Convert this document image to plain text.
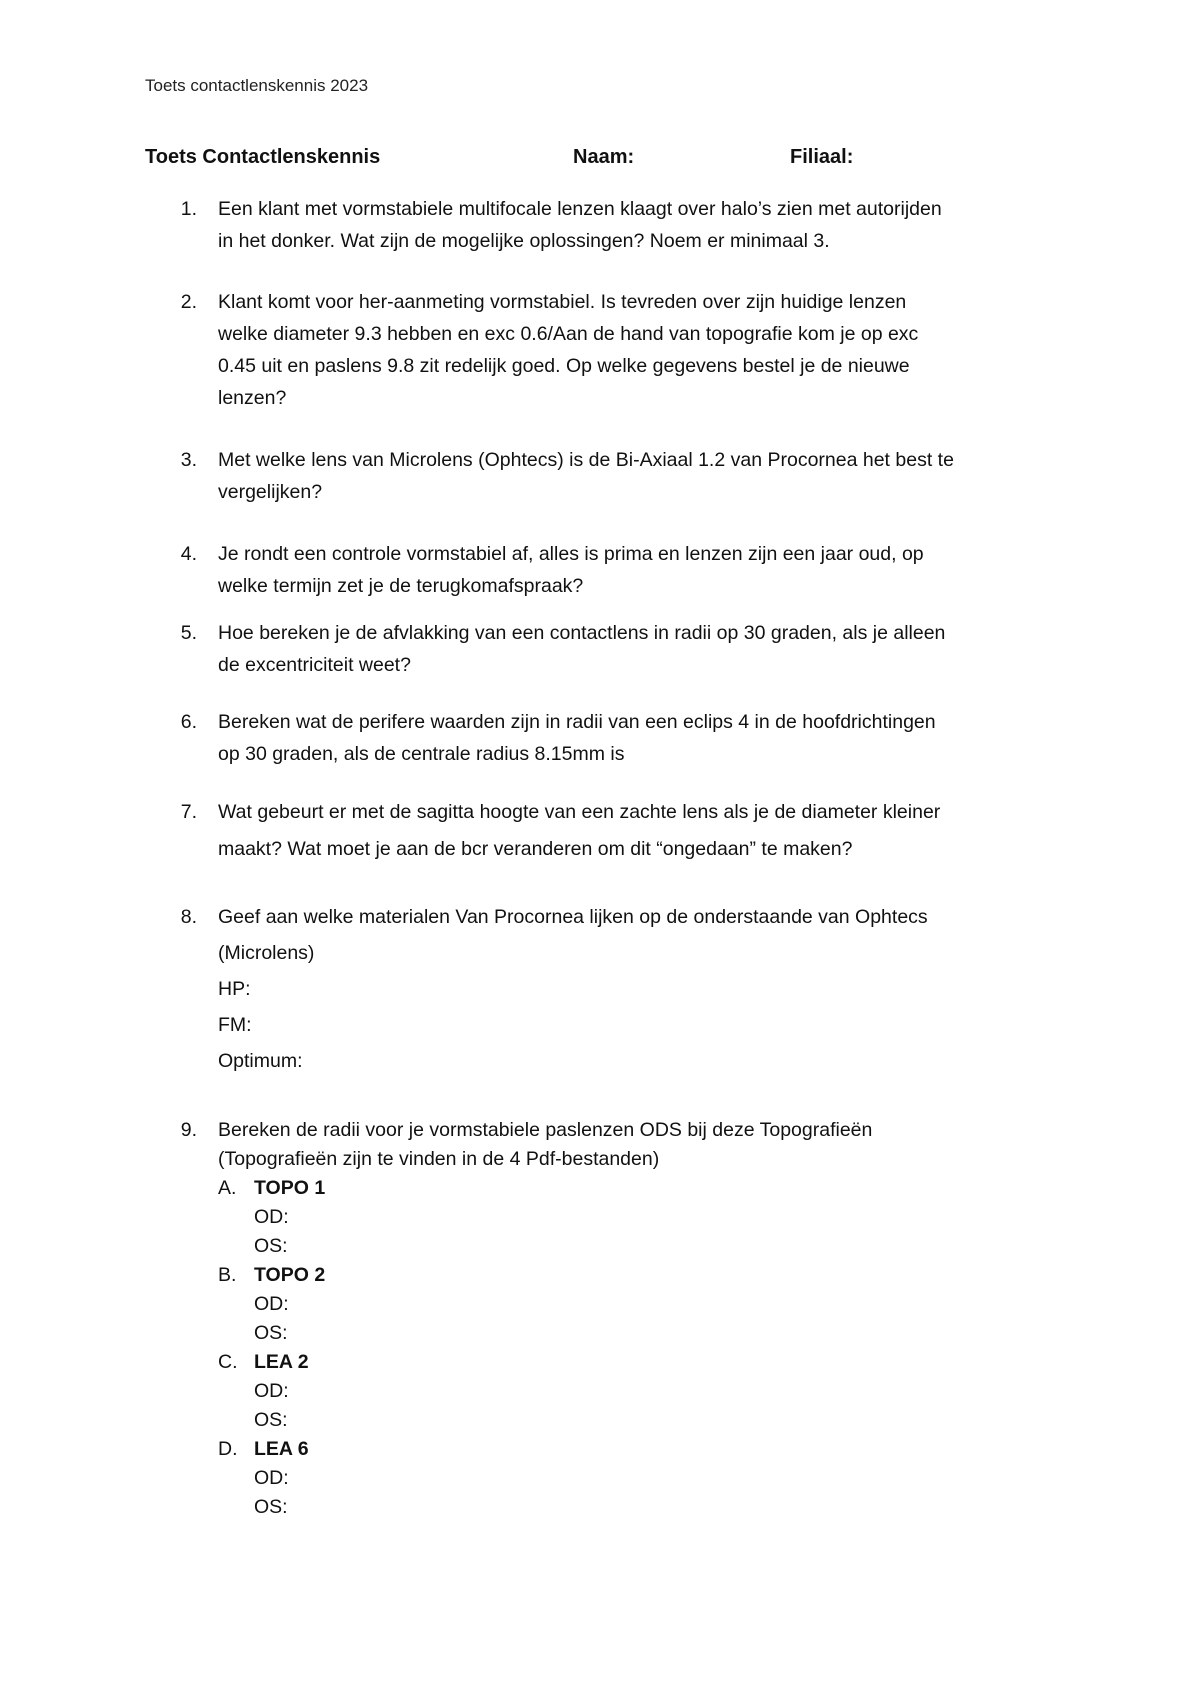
Toets contactlenskennis 2023
Toets Contactlenskennis	Naam:	Filiaal:
1. Een klant met vormstabiele multifocale lenzen klaagt over halo’s zien met autorijden
in het donker. Wat zijn de mogelijke oplossingen? Noem er minimaal 3.
2. Klant komt voor her-aanmeting vormstabiel. Is tevreden over zijn huidige lenzen
welke diameter 9.3 hebben en exc 0.6/Aan de hand van topografie kom je op exc
0.45 uit en paslens 9.8 zit redelijk goed. Op welke gegevens bestel je de nieuwe
lenzen?
3. Met welke lens van Microlens (Ophtecs) is de Bi-Axiaal 1.2 van Procornea het best te
vergelijken?
4. Je rondt een controle vormstabiel af, alles is prima en lenzen zijn een jaar oud, op
welke termijn zet je de terugkomafspraak?
5. Hoe bereken je de afvlakking van een contactlens in radii op 30 graden, als je alleen
de excentriciteit weet?
6. Bereken wat de perifere waarden zijn in radii van een eclips 4 in de hoofdrichtingen
op 30 graden, als de centrale radius 8.15mm is
7. Wat gebeurt er met de sagitta hoogte van een zachte lens als je de diameter kleiner
maakt? Wat moet je aan de bcr veranderen om dit “ongedaan” te maken?
8. Geef aan welke materialen Van Procornea lijken op de onderstaande van Ophtecs
(Microlens)
HP:
FM:
Optimum:
9. Bereken de radii voor je vormstabiele paslenzen ODS bij deze Topografieën
(Topografieën zijn te vinden in de 4 Pdf-bestanden)
A. TOPO 1
OD:
OS:
B. TOPO 2
OD:
OS:
C. LEA 2
OD:
OS:
D. LEA 6
OD:
OS:
